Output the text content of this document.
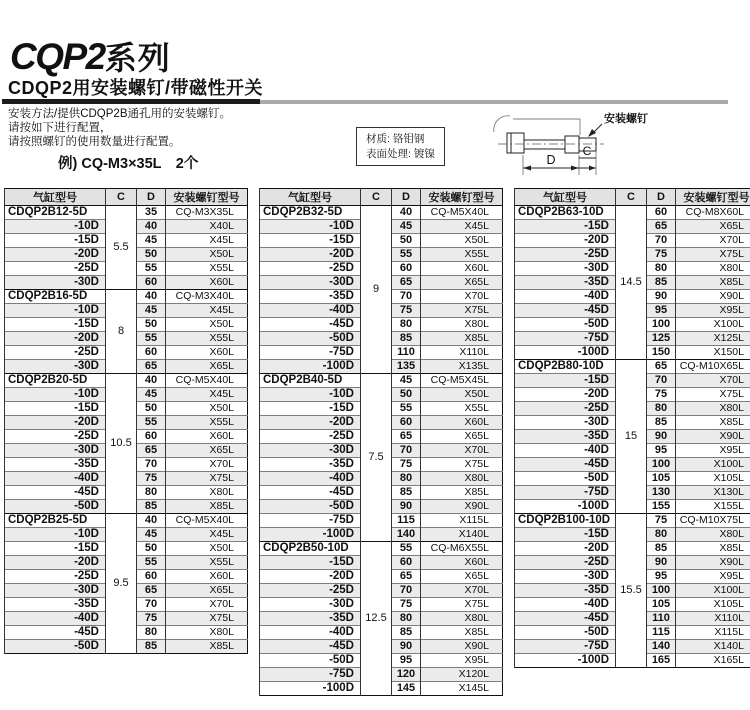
CQP2系列
CDQP2用安装螺钉/带磁性开关
安装方法/提供CDQP2B通孔用的安装螺钉。
请按如下进行配置，
请按照螺钉的使用数量进行配置。
例) CQ-M3×35L　2个
材质: 铬钼钢
表面处理: 镀镍
安装螺钉
D
C
气缸型号	C	D	安装螺钉型号
CDQP2B12-5D	5.5	35	CQ-M3X35L
-10D		40	X40L
-15D		45	X45L
-20D		50	X50L
-25D		55	X55L
-30D		60	X60L
CDQP2B16-5D	8	40	CQ-M3X40L
-10D		45	X45L
-15D		50	X50L
-20D		55	X55L
-25D		60	X60L
-30D		65	X65L
CDQP2B20-5D	10.5	40	CQ-M5X40L
-10D		45	X45L
-15D		50	X50L
-20D		55	X55L
-25D		60	X60L
-30D		65	X65L
-35D		70	X70L
-40D		75	X75L
-45D		80	X80L
-50D		85	X85L
CDQP2B25-5D	9.5	40	CQ-M5X40L
-10D		45	X45L
-15D		50	X50L
-20D		55	X55L
-25D		60	X60L
-30D		65	X65L
-35D		70	X70L
-40D		75	X75L
-45D		80	X80L
-50D		85	X85L
气缸型号	C	D	安装螺钉型号
CDQP2B32-5D	9	40	CQ-M5X40L
-10D		45	X45L
-15D		50	X50L
-20D		55	X55L
-25D		60	X60L
-30D		65	X65L
-35D		70	X70L
-40D		75	X75L
-45D		80	X80L
-50D		85	X85L
-75D		110	X110L
-100D		135	X135L
CDQP2B40-5D	7.5	45	CQ-M5X45L
-10D		50	X50L
-15D		55	X55L
-20D		60	X60L
-25D		65	X65L
-30D		70	X70L
-35D		75	X75L
-40D		80	X80L
-45D		85	X85L
-50D		90	X90L
-75D		115	X115L
-100D		140	X140L
CDQP2B50-10D	12.5	55	CQ-M6X55L
-15D		60	X60L
-20D		65	X65L
-25D		70	X70L
-30D		75	X75L
-35D		80	X80L
-40D		85	X85L
-45D		90	X90L
-50D		95	X95L
-75D		120	X120L
-100D		145	X145L
气缸型号	C	D	安装螺钉型号
CDQP2B63-10D	14.5	60	CQ-M8X60L
-15D		65	X65L
-20D		70	X70L
-25D		75	X75L
-30D		80	X80L
-35D		85	X85L
-40D		90	X90L
-45D		95	X95L
-50D		100	X100L
-75D		125	X125L
-100D		150	X150L
CDQP2B80-10D	15	65	CQ-M10X65L
-15D		70	X70L
-20D		75	X75L
-25D		80	X80L
-30D		85	X85L
-35D		90	X90L
-40D		95	X95L
-45D		100	X100L
-50D		105	X105L
-75D		130	X130L
-100D		155	X155L
CDQP2B100-10D	15.5	75	CQ-M10X75L
-15D		80	X80L
-20D		85	X85L
-25D		90	X90L
-30D		95	X95L
-35D		100	X100L
-40D		105	X105L
-45D		110	X110L
-50D		115	X115L
-75D		140	X140L
-100D		165	X165L
